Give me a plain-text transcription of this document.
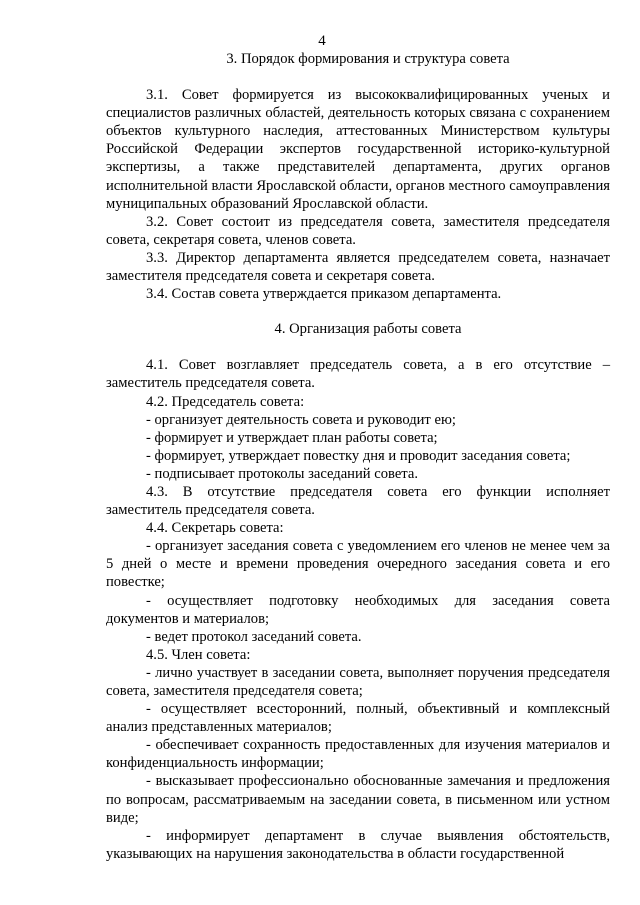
4

3. Порядок формирования и структура совета

3.1. Совет формируется из высококвалифицированных ученых и специалистов различных областей, деятельность которых связана с сохранением объектов культурного наследия, аттестованных Министерством культуры Российской Федерации экспертов государственной историко-культурной экспертизы, а также представителей департамента, других органов исполнительной власти Ярославской области, органов местного самоуправления муниципальных образований Ярославской области.

3.2. Совет состоит из председателя совета, заместителя председателя совета, секретаря совета, членов совета.

3.3. Директор департамента является председателем совета, назначает заместителя председателя совета и секретаря совета.

3.4. Состав совета утверждается приказом департамента.

4. Организация работы совета

4.1. Совет возглавляет председатель совета, а в его отсутствие – заместитель председателя совета.

4.2. Председатель совета:

- организует деятельность совета и руководит ею;

- формирует и утверждает план работы совета;

- формирует, утверждает повестку дня и проводит заседания совета;

- подписывает протоколы заседаний совета.

4.3. В отсутствие председателя совета его функции исполняет заместитель председателя совета.

4.4. Секретарь совета:

- организует заседания совета с уведомлением его членов не менее чем за 5 дней о месте и времени проведения очередного заседания совета и его повестке;

- осуществляет подготовку необходимых для заседания совета документов и материалов;

- ведет протокол заседаний совета.

4.5. Член совета:

- лично участвует в заседании совета, выполняет поручения председателя совета, заместителя председателя совета;

- осуществляет всесторонний, полный, объективный и комплексный анализ представленных материалов;

- обеспечивает сохранность предоставленных для изучения материалов и конфиденциальность информации;

- высказывает профессионально обоснованные замечания и предложения по вопросам, рассматриваемым на заседании совета, в письменном или устном виде;

- информирует департамент в случае выявления обстоятельств, указывающих на нарушения законодательства в области государственной
